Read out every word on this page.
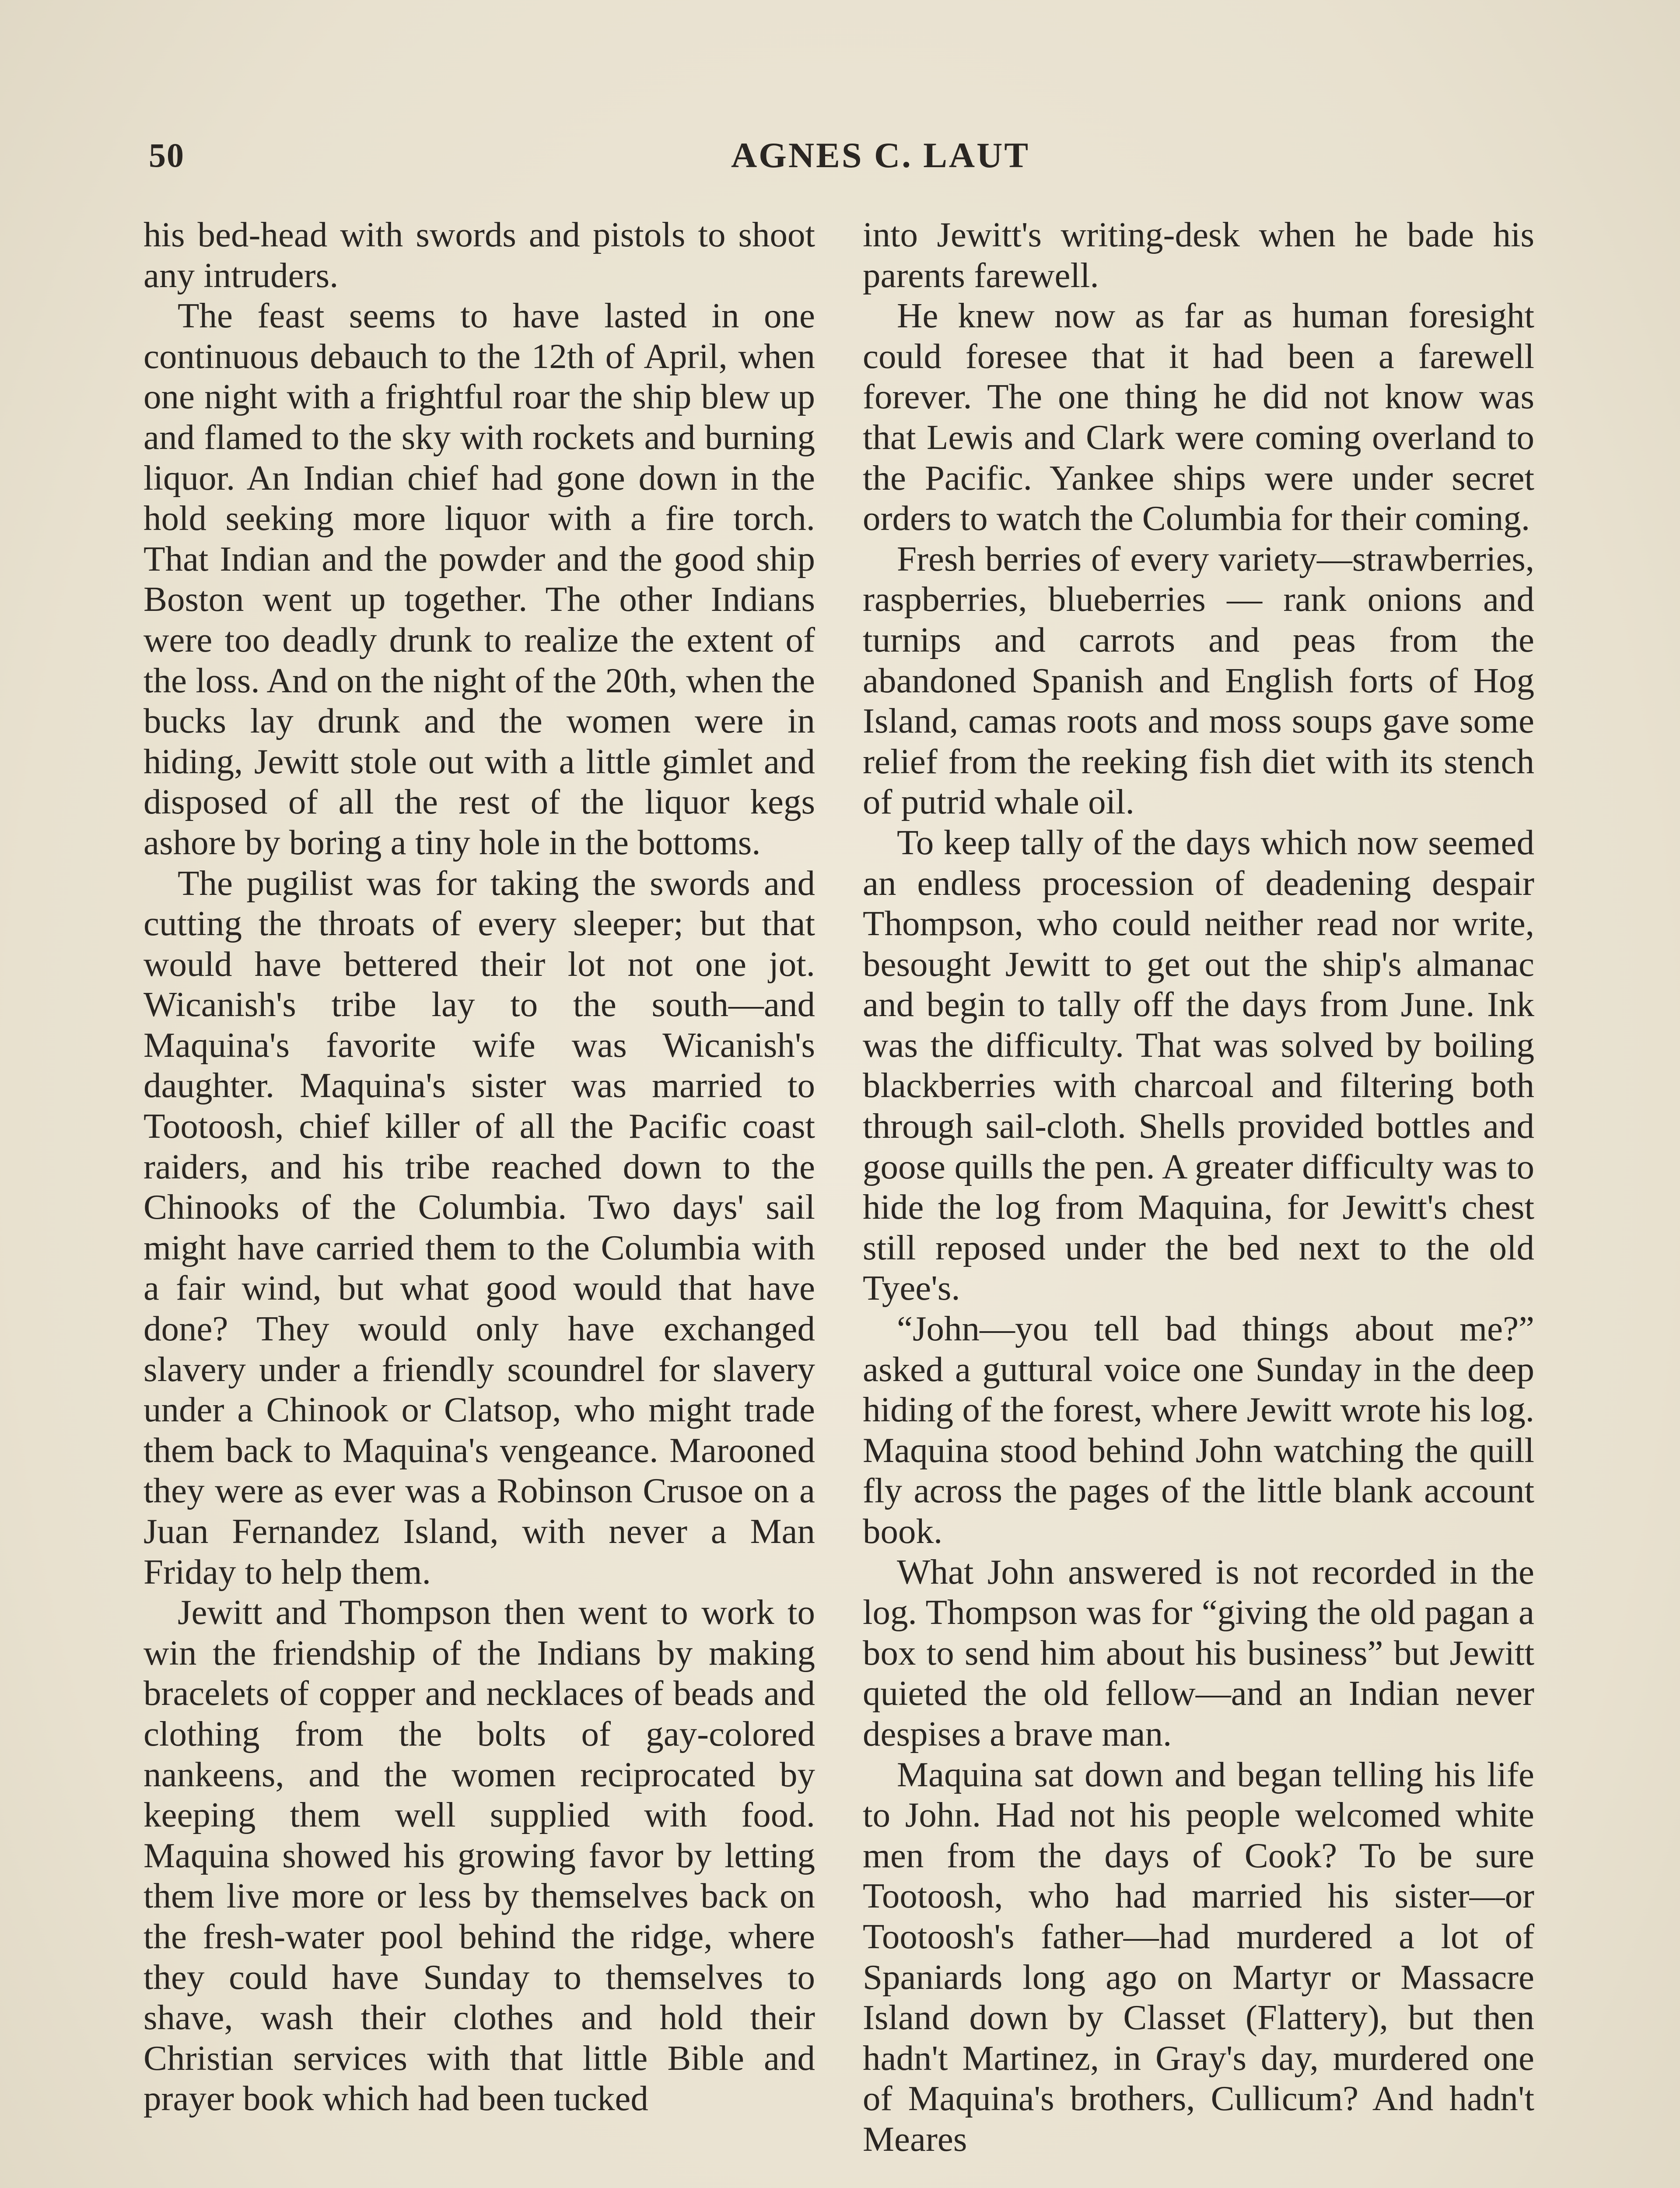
50	AGNES C. LAUT

his bed-head with swords and pistols to shoot any intruders.

The feast seems to have lasted in one continuous debauch to the 12th of April, when one night with a frightful roar the ship blew up and flamed to the sky with rockets and burning liquor. An Indian chief had gone down in the hold seeking more liquor with a fire torch. That Indian and the powder and the good ship Boston went up together. The other Indians were too deadly drunk to realize the extent of the loss. And on the night of the 20th, when the bucks lay drunk and the women were in hiding, Jewitt stole out with a little gimlet and disposed of all the rest of the liquor kegs ashore by boring a tiny hole in the bottoms.

The pugilist was for taking the swords and cutting the throats of every sleeper; but that would have bettered their lot not one jot. Wicanish's tribe lay to the south—and Maquina's favorite wife was Wicanish's daughter. Maquina's sister was married to Tootoosh, chief killer of all the Pacific coast raiders, and his tribe reached down to the Chinooks of the Columbia. Two days' sail might have carried them to the Columbia with a fair wind, but what good would that have done? They would only have exchanged slavery under a friendly scoundrel for slavery under a Chinook or Clatsop, who might trade them back to Maquina's vengeance. Marooned they were as ever was a Robinson Crusoe on a Juan Fernandez Island, with never a Man Friday to help them.

Jewitt and Thompson then went to work to win the friendship of the Indians by making bracelets of copper and necklaces of beads and clothing from the bolts of gay-colored nankeens, and the women reciprocated by keeping them well supplied with food. Maquina showed his growing favor by letting them live more or less by themselves back on the fresh-water pool behind the ridge, where they could have Sunday to themselves to shave, wash their clothes and hold their Christian services with that little Bible and prayer book which had been tucked

into Jewitt's writing-desk when he bade his parents farewell.

He knew now as far as human foresight could foresee that it had been a farewell forever. The one thing he did not know was that Lewis and Clark were coming overland to the Pacific. Yankee ships were under secret orders to watch the Columbia for their coming.

Fresh berries of every variety—strawberries, raspberries, blueberries — rank onions and turnips and carrots and peas from the abandoned Spanish and English forts of Hog Island, camas roots and moss soups gave some relief from the reeking fish diet with its stench of putrid whale oil.

To keep tally of the days which now seemed an endless procession of deadening despair Thompson, who could neither read nor write, besought Jewitt to get out the ship's almanac and begin to tally off the days from June. Ink was the difficulty. That was solved by boiling blackberries with charcoal and filtering both through sail-cloth. Shells provided bottles and goose quills the pen. A greater difficulty was to hide the log from Maquina, for Jewitt's chest still reposed under the bed next to the old Tyee's.

“John—you tell bad things about me?” asked a guttural voice one Sunday in the deep hiding of the forest, where Jewitt wrote his log. Maquina stood behind John watching the quill fly across the pages of the little blank account book.

What John answered is not recorded in the log. Thompson was for “giving the old pagan a box to send him about his business” but Jewitt quieted the old fellow—and an Indian never despises a brave man.

Maquina sat down and began telling his life to John. Had not his people welcomed white men from the days of Cook? To be sure Tootoosh, who had married his sister—or Tootoosh's father—had murdered a lot of Spaniards long ago on Martyr or Massacre Island down by Classet (Flattery), but then hadn't Martinez, in Gray's day, murdered one of Maquina's brothers, Cullicum? And hadn't Meares
